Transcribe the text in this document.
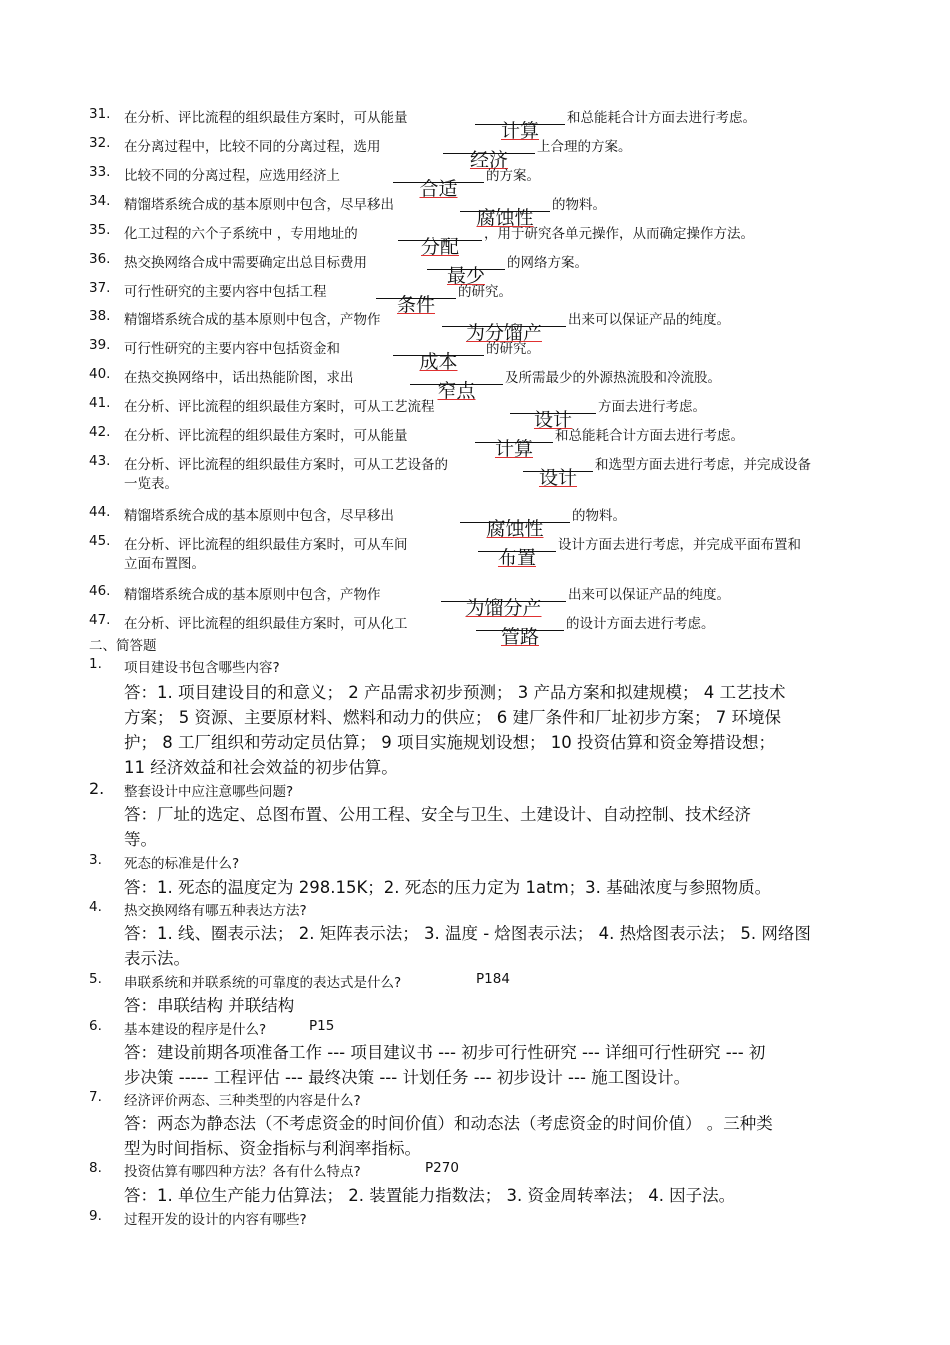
31. 在分析、评比流程的组织最佳方案时，可从能量
计算
和总能耗合计方面去进行考虑。
32. 在分离过程中，比较不同的分离过程，选用
经济
上合理的方案。
33. 比较不同的分离过程，应选用经济上
合适
的方案。
34. 精馏塔系统合成的基本原则中包含，尽早移出
腐蚀性
的物料。
35. 化工过程的六个子系统中 ，专用地址的
分配
，用于研究各单元操作，从而确定操作方法。
36. 热交换网络合成中需要确定出总目标费用
最少
的网络方案。
37. 可行性研究的主要内容中包括工程
条件
的研究。
38. 精馏塔系统合成的基本原则中包含，产物作
为分馏产
出来可以保证产品的纯度。
39. 可行性研究的主要内容中包括资金和
成本
的研究。
40. 在热交换网络中，话出热能阶图，求出
窄点
及所需最少的外源热流股和冷流股。
41. 在分析、评比流程的组织最佳方案时，可从工艺流程
设计
方面去进行考虑。
42. 在分析、评比流程的组织最佳方案时，可从能量
计算
和总能耗合计方面去进行考虑。
43. 在分析、评比流程的组织最佳方案时，可从工艺设备的
设计
和选型方面去进行考虑，并完成设备
一览表。
44. 精馏塔系统合成的基本原则中包含，尽早移出
腐蚀性
的物料。
45. 在分析、评比流程的组织最佳方案时，可从车间
布置
设计方面去进行考虑，并完成平面布置和
立面布置图。
46. 精馏塔系统合成的基本原则中包含，产物作
为馏分产
出来可以保证产品的纯度。
47. 在分析、评比流程的组织最佳方案时，可从化工
管路
的设计方面去进行考虑。
二、简答题
1. 项目建设书包含哪些内容?
答：1. 项目建设目的和意义； 2 产品需求初步预测； 3 产品方案和拟建规模； 4 工艺技术
方案； 5 资源、主要原材料、燃料和动力的供应； 6 建厂条件和厂址初步方案； 7 环境保
护； 8 工厂组织和劳动定员估算； 9 项目实施规划设想； 10 投资估算和资金筹措设想；
11 经济效益和社会效益的初步估算。
2. 整套设计中应注意哪些问题?
答：厂址的选定、总图布置、公用工程、安全与卫生、土建设计、自动控制、技术经济
等。
3. 死态的标准是什么?
答：1. 死态的温度定为 298.15K；2. 死态的压力定为 1atm；3. 基础浓度与参照物质。
4. 热交换网络有哪五种表达方法?
答：1. 线、圈表示法； 2. 矩阵表示法； 3. 温度 - 焓图表示法； 4. 热焓图表示法； 5. 网络图
表示法。
5. 串联系统和并联系统的可靠度的表达式是什么?	P184
答：串联结构 并联结构
6. 基本建设的程序是什么?	P15
答：建设前期各项准备工作 --- 项目建议书 --- 初步可行性研究 --- 详细可行性研究 --- 初
步决策 ----- 工程评估 --- 最终决策 --- 计划任务 --- 初步设计 --- 施工图设计。
7. 经济评价两态、三种类型的内容是什么?
答：两态为静态法（不考虑资金的时间价值）和动态法（考虑资金的时间价值） 。三种类
型为时间指标、资金指标与利润率指标。
8. 投资估算有哪四种方法？各有什么特点?	P270
答：1. 单位生产能力估算法； 2. 装置能力指数法； 3. 资金周转率法； 4. 因子法。
9. 过程开发的设计的内容有哪些?
